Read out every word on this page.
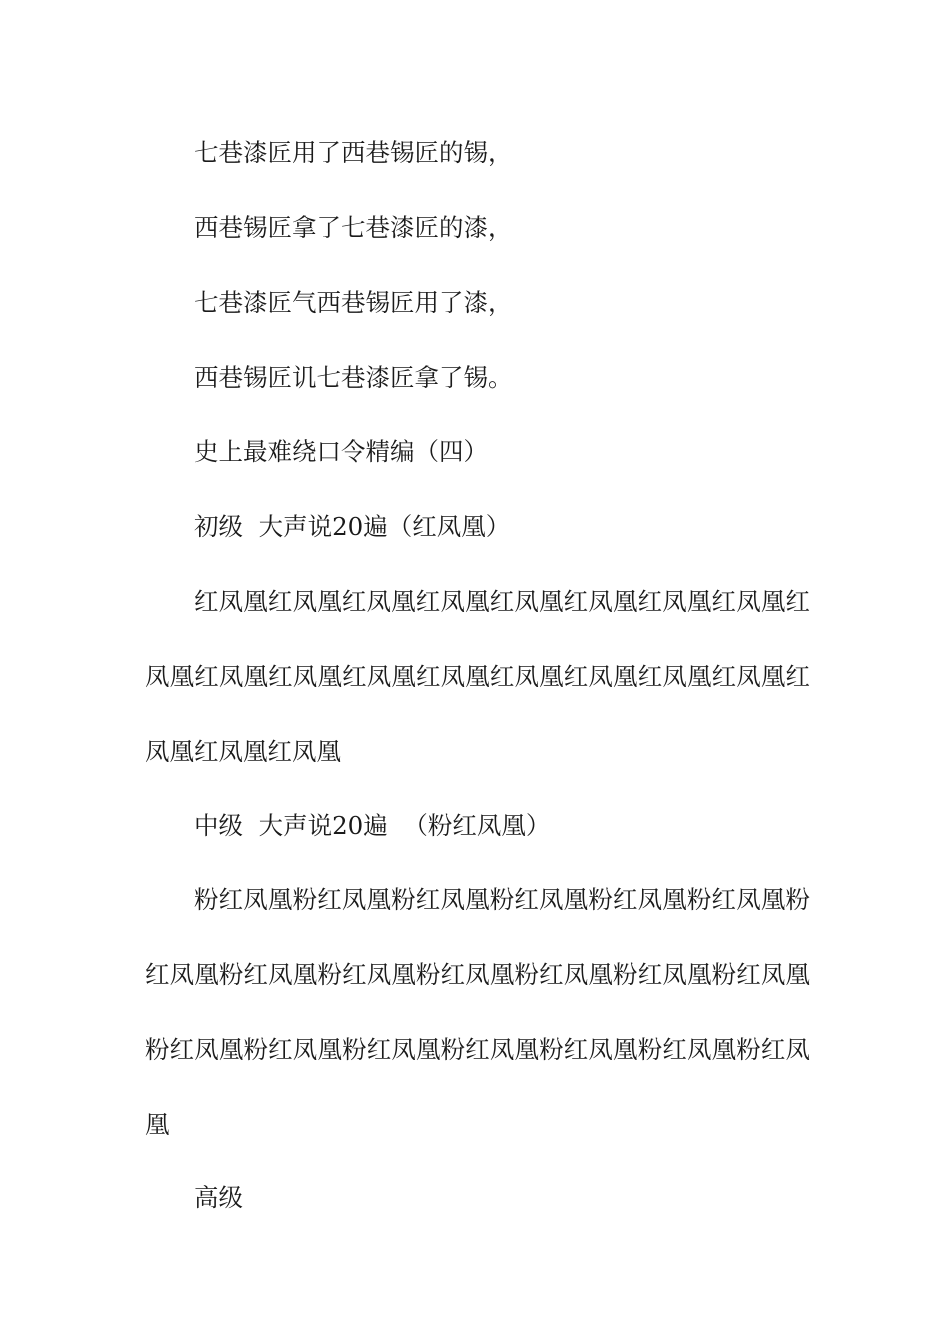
七巷漆匠用了西巷锡匠的锡，

西巷锡匠拿了七巷漆匠的漆，

七巷漆匠气西巷锡匠用了漆，

西巷锡匠讥七巷漆匠拿了锡。

史上最难绕口令精编（四）

初级  大声说20遍（红凤凰）

红凤凰红凤凰红凤凰红凤凰红凤凰红凤凰红凤凰红凤凰红凤凰红凤凰红凤凰红凤凰红凤凰红凤凰红凤凰红凤凰红凤凰红凤凰红凤凰红凤凰

中级  大声说20遍  （粉红凤凰）

粉红凤凰粉红凤凰粉红凤凰粉红凤凰粉红凤凰粉红凤凰粉红凤凰粉红凤凰粉红凤凰粉红凤凰粉红凤凰粉红凤凰粉红凤凰粉红凤凰粉红凤凰粉红凤凰粉红凤凰粉红凤凰粉红凤凰粉红凤凰

高级
